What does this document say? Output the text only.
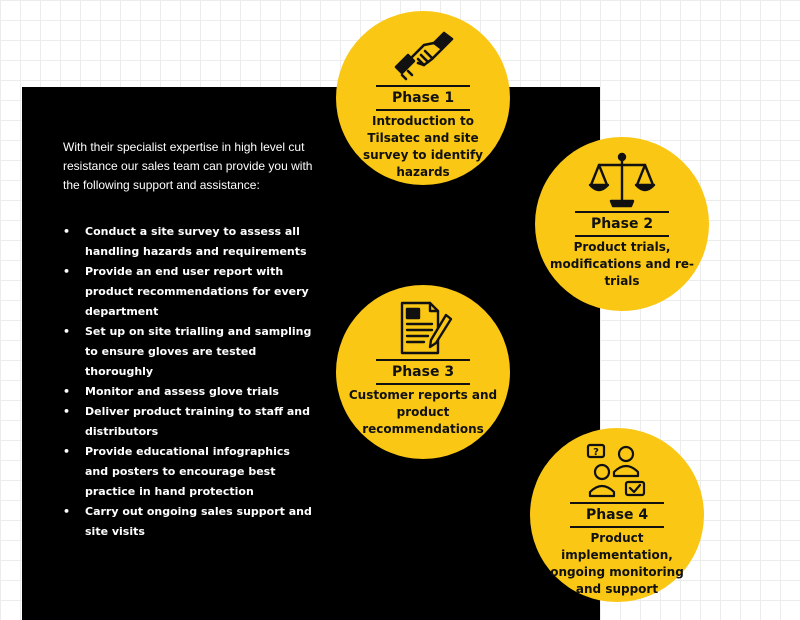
With their specialist expertise in high level cut resistance our sales team can provide you with the following support and assistance:
• Conduct a site survey to assess all handling hazards and requirements
• Provide an end user report with product recommendations for every department
• Set up on site trialling and sampling to ensure gloves are tested thoroughly
• Monitor and assess glove trials
• Deliver product training to staff and distributors
• Provide educational infographics and posters to encourage best practice in hand protection
• Carry out ongoing sales support and site visits
Phase 1
Introduction to Tilsatec and site survey to identify hazards
Phase 2
Product trials, modifications and re-trials
Phase 3
Customer reports and product recommendations
?
Phase 4
Product implementation, ongoing monitoring and support
